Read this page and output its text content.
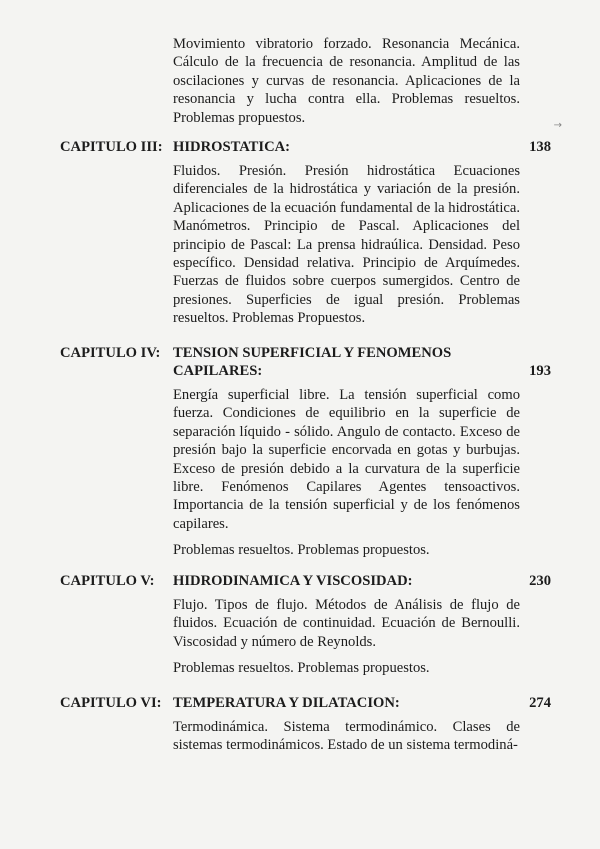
Movimiento vibratorio forzado. Resonancia Mecánica. Cálculo de la frecuencia de resonancia. Amplitud de las oscilaciones y curvas de resonancia. Aplicaciones de la resonancia y lucha contra ella. Problemas resueltos. Problemas propuestos.	→
CAPITULO III: HIDROSTATICA:	138

Fluidos. Presión. Presión hidrostática Ecuaciones diferenciales de la hidrostática y variación de la presión. Aplicaciones de la ecuación fundamental de la hidrostática. Manómetros. Principio de Pascal. Aplicaciones del principio de Pascal: La prensa hidraúlica. Densidad. Peso específico. Densidad relativa. Principio de Arquímedes. Fuerzas de fluidos sobre cuerpos sumergidos. Centro de presiones. Superficies de igual presión. Problemas resueltos. Problemas Propuestos.

CAPITULO IV: TENSION SUPERFICIAL Y FENOMENOS CAPILARES:	193

Energía superficial libre. La tensión superficial como fuerza. Condiciones de equilibrio en la superficie de separación líquido - sólido. Angulo de contacto. Exceso de presión bajo la superficie encorvada en gotas y burbujas. Exceso de presión debido a la curvatura de la superficie libre. Fenómenos Capilares Agentes tensoactivos. Importancia de la tensión superficial y de los fenómenos capilares.

Problemas resueltos. Problemas propuestos.

CAPITULO V: HIDRODINAMICA Y VISCOSIDAD:	230

Flujo. Tipos de flujo. Métodos de Análisis de flujo de fluidos. Ecuación de continuidad. Ecuación de Bernoulli. Viscosidad y número de Reynolds.

Problemas resueltos. Problemas propuestos.

CAPITULO VI: TEMPERATURA Y DILATACION:	274

Termodinámica. Sistema termodinámico. Clases de sistemas termodinámicos. Estado de un sistema termodiná-
